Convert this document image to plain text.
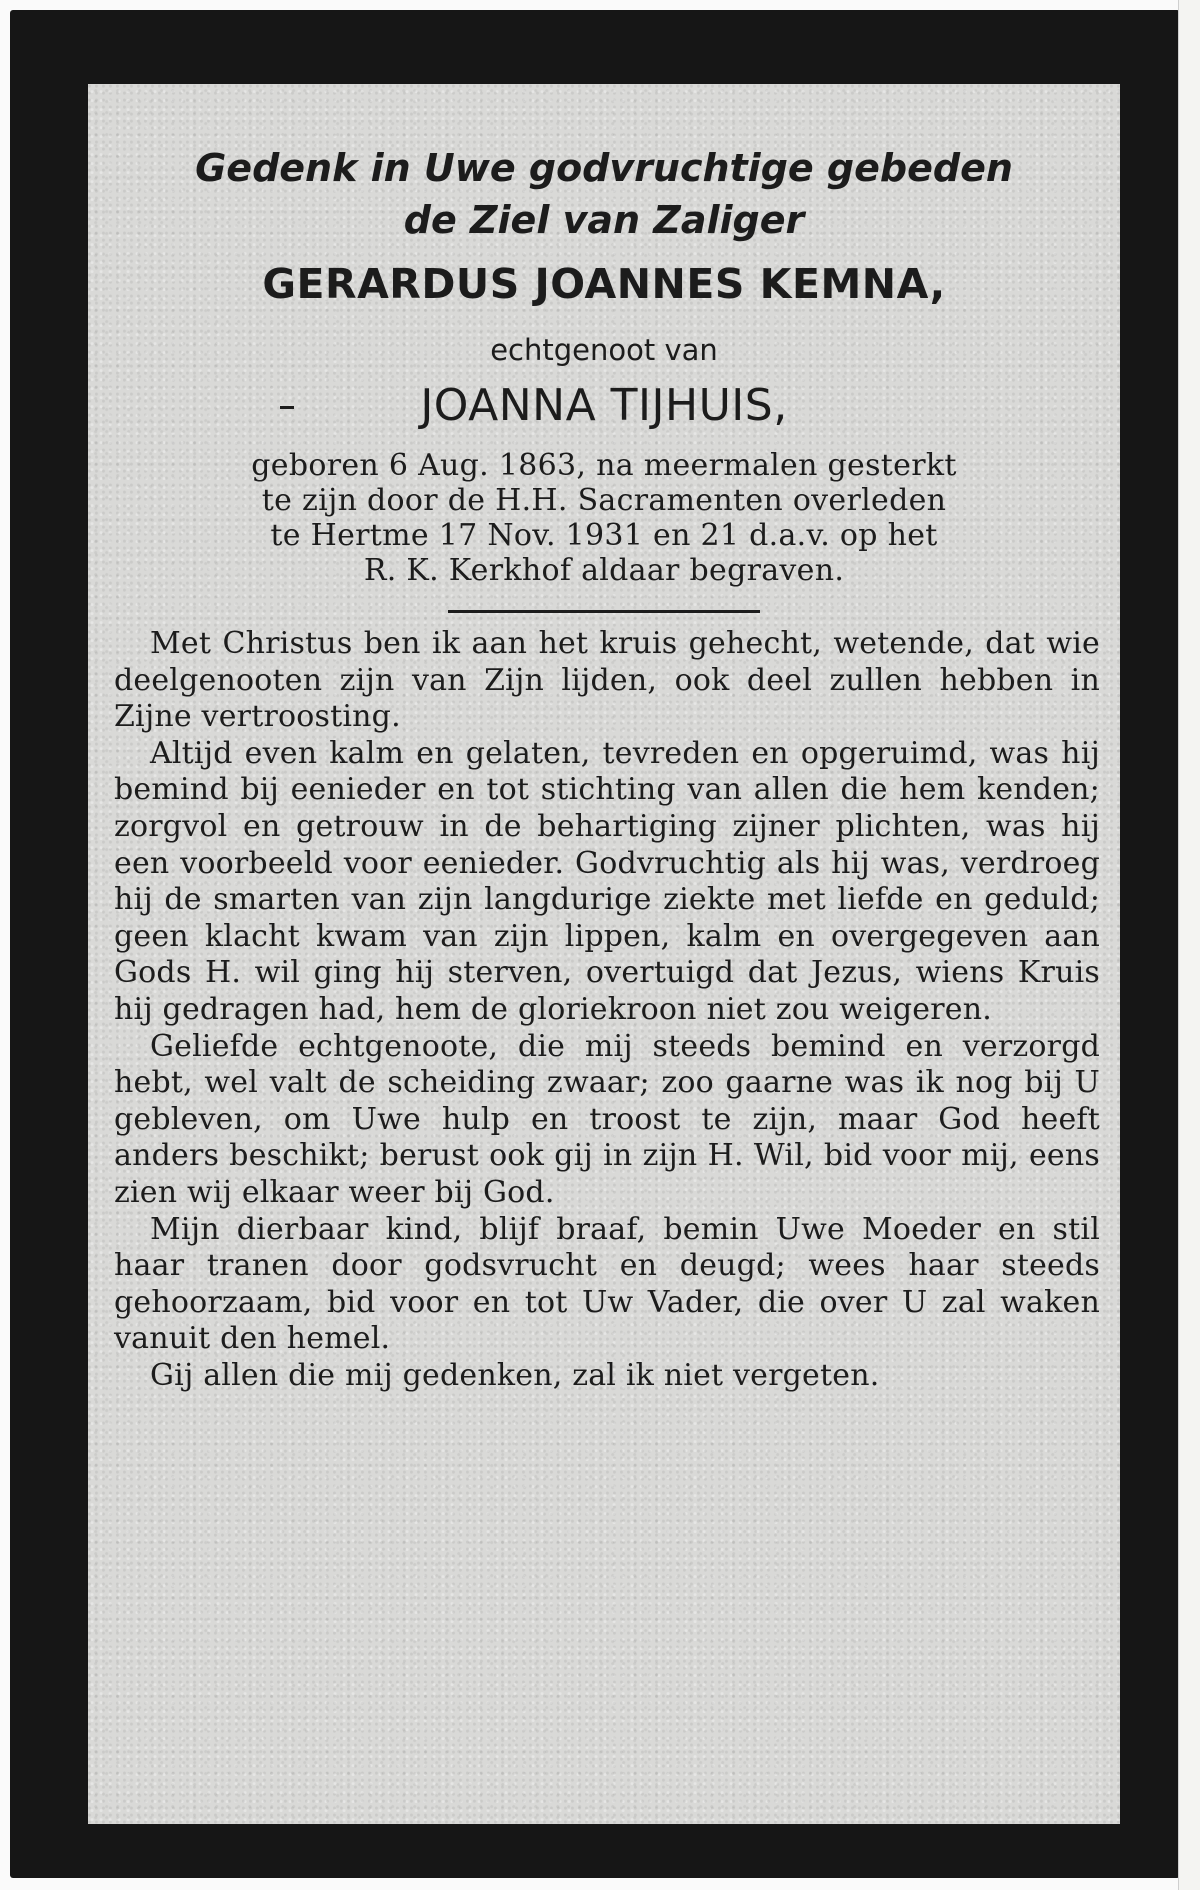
Gedenk in Uwe godvruchtige gebeden
de Ziel van Zaliger
GERARDUS JOANNES KEMNA,
echtgenoot van
JOANNA TIJHUIS,
geboren 6 Aug. 1863, na meermalen gesterkt
te zijn door de H.H. Sacramenten overleden
te Hertme 17 Nov. 1931 en 21 d.a.v. op het
R. K. Kerkhof aldaar begraven.
Met Christus ben ik aan het kruis gehecht, wetende, dat wie deelgenooten zijn van Zijn lijden, ook deel zullen hebben in Zijne vertroosting.
Altijd even kalm en gelaten, tevreden en opgeruimd, was hij bemind bij eenieder en tot stichting van allen die hem kenden; zorgvol en getrouw in de behartiging zijner plichten, was hij een voorbeeld voor eenieder. Godvruchtig als hij was, verdroeg hij de smarten van zijn langdurige ziekte met liefde en geduld; geen klacht kwam van zijn lippen, kalm en overgegeven aan Gods H. wil ging hij sterven, overtuigd dat Jezus, wiens Kruis hij gedragen had, hem de gloriekroon niet zou weigeren.
Geliefde echtgenoote, die mij steeds bemind en verzorgd hebt, wel valt de scheiding zwaar; zoo gaarne was ik nog bij U gebleven, om Uwe hulp en troost te zijn, maar God heeft anders beschikt; berust ook gij in zijn H. Wil, bid voor mij, eens zien wij elkaar weer bij God.
Mijn dierbaar kind, blijf braaf, bemin Uwe Moeder en stil haar tranen door godsvrucht en deugd; wees haar steeds gehoorzaam, bid voor en tot Uw Vader, die over U zal waken vanuit den hemel.
Gij allen die mij gedenken, zal ik niet vergeten.
